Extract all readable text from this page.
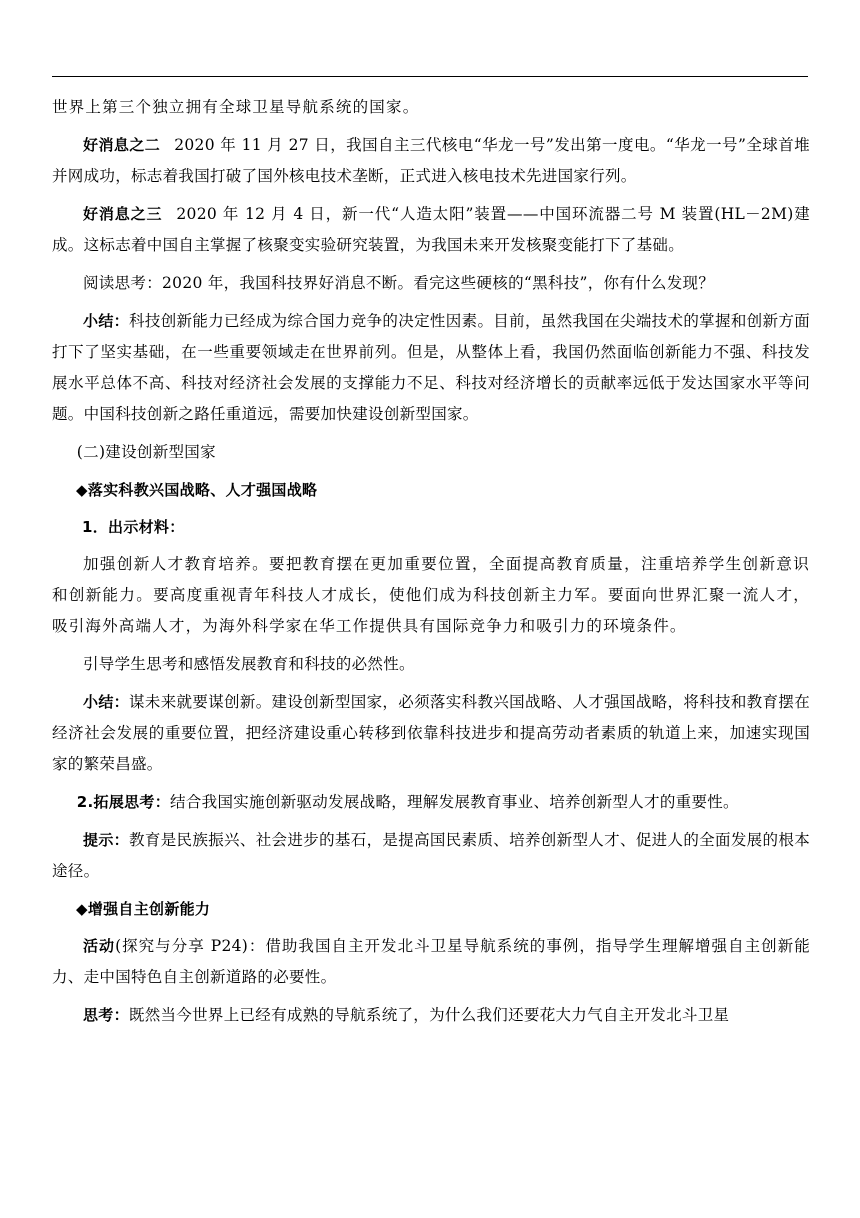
世界上第三个独立拥有全球卫星导航系统的国家。

好消息之二 2020 年 11 月 27 日，我国自主三代核电“华龙一号”发出第一度电。“华龙一号”全球首堆并网成功，标志着我国打破了国外核电技术垄断，正式进入核电技术先进国家行列。

好消息之三 2020 年 12 月 4 日，新一代“人造太阳”装置——中国环流器二号 M 装置(HL－2M)建成。这标志着中国自主掌握了核聚变实验研究装置，为我国未来开发核聚变能打下了基础。

阅读思考：2020 年，我国科技界好消息不断。看完这些硬核的“黑科技”，你有什么发现？

小结：科技创新能力已经成为综合国力竞争的决定性因素。目前，虽然我国在尖端技术的掌握和创新方面打下了坚实基础，在一些重要领域走在世界前列。但是，从整体上看，我国仍然面临创新能力不强、科技发展水平总体不高、科技对经济社会发展的支撑能力不足、科技对经济增长的贡献率远低于发达国家水平等问题。中国科技创新之路任重道远，需要加快建设创新型国家。

(二)建设创新型国家

◆落实科教兴国战略、人才强国战略

1．出示材料：

加强创新人才教育培养。要把教育摆在更加重要位置，全面提高教育质量，注重培养学生创新意识和创新能力。要高度重视青年科技人才成长，使他们成为科技创新主力军。要面向世界汇聚一流人才，吸引海外高端人才，为海外科学家在华工作提供具有国际竞争力和吸引力的环境条件。

引导学生思考和感悟发展教育和科技的必然性。

小结：谋未来就要谋创新。建设创新型国家，必须落实科教兴国战略、人才强国战略，将科技和教育摆在经济社会发展的重要位置，把经济建设重心转移到依靠科技进步和提高劳动者素质的轨道上来，加速实现国家的繁荣昌盛。

2.拓展思考：结合我国实施创新驱动发展战略，理解发展教育事业、培养创新型人才的重要性。

提示：教育是民族振兴、社会进步的基石，是提高国民素质、培养创新型人才、促进人的全面发展的根本途径。

◆增强自主创新能力

活动(探究与分享 P24)：借助我国自主开发北斗卫星导航系统的事例，指导学生理解增强自主创新能力、走中国特色自主创新道路的必要性。

思考：既然当今世界上已经有成熟的导航系统了，为什么我们还要花大力气自主开发北斗卫星
